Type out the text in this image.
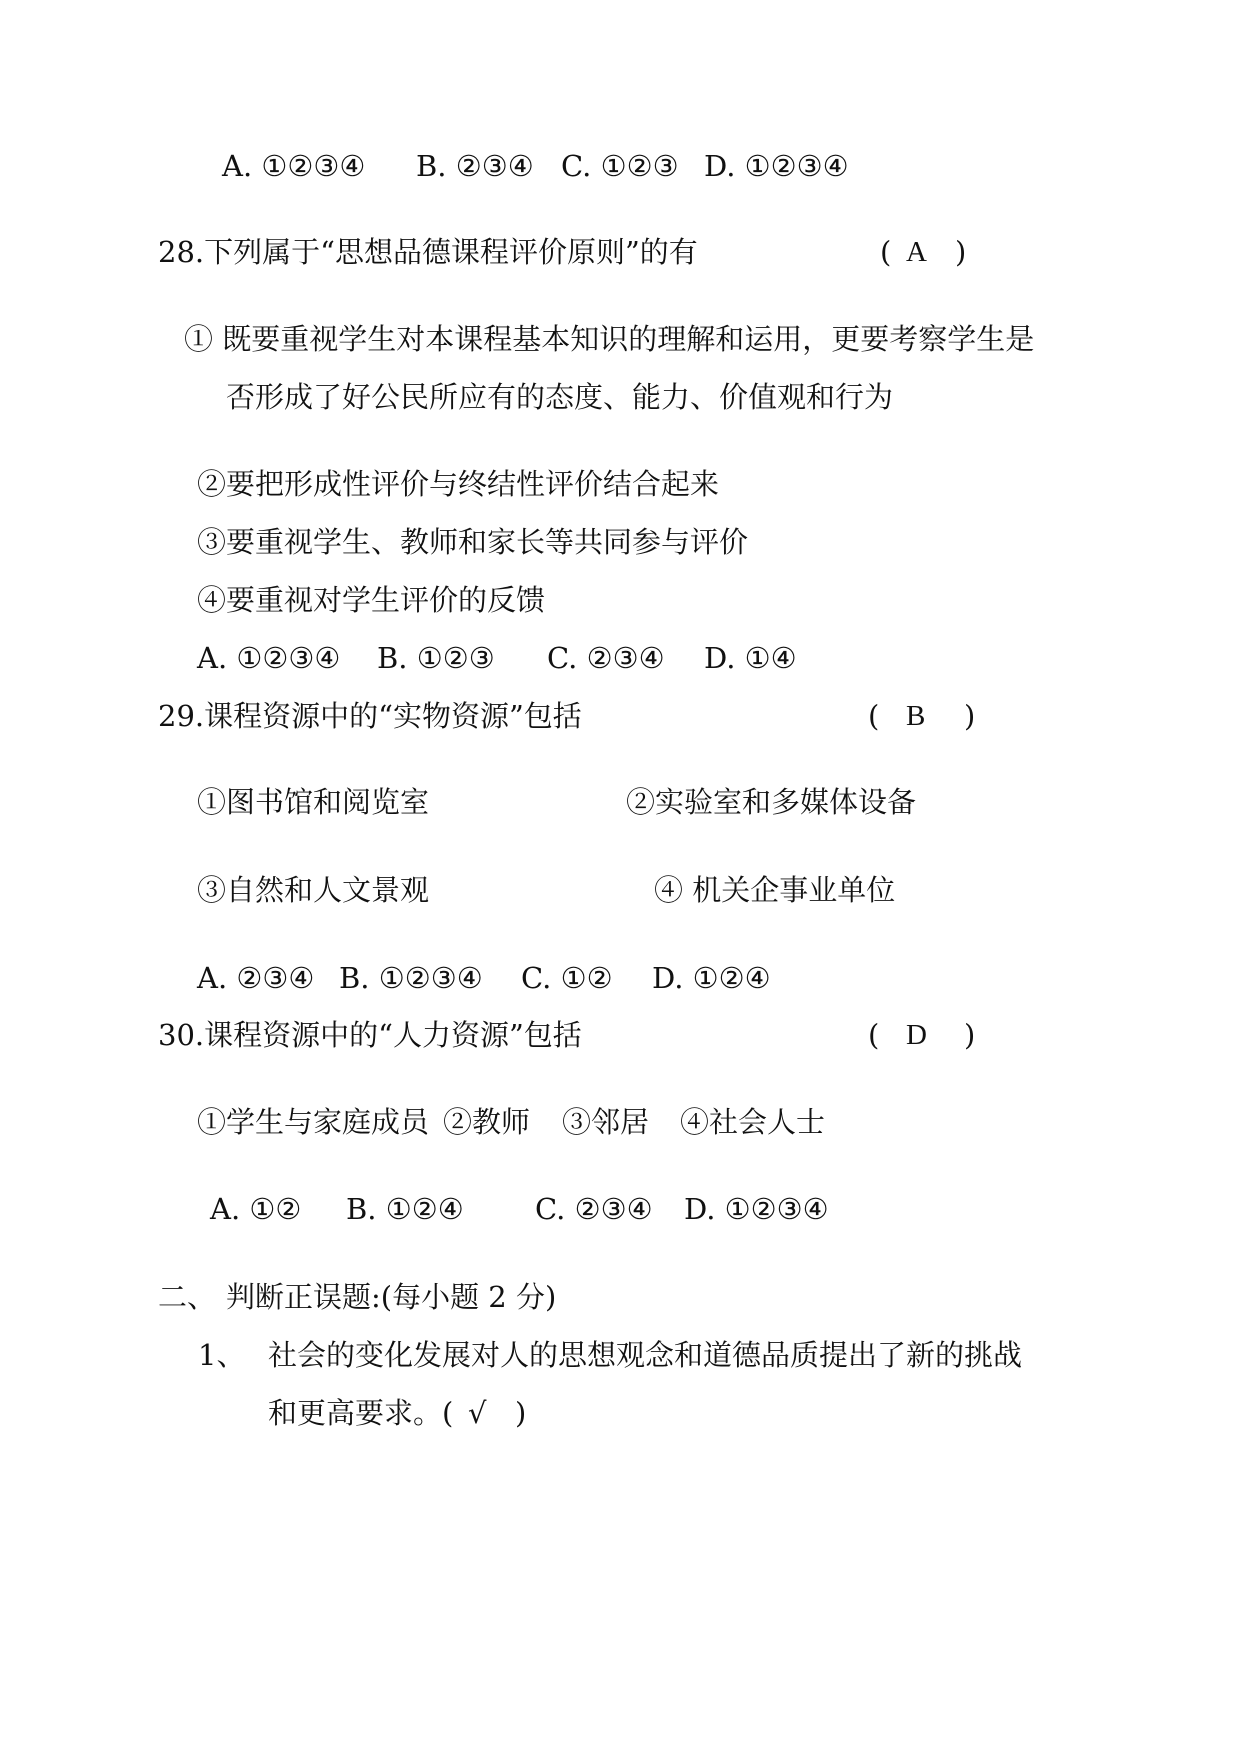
A. ①②③④ B. ②③④ C. ①②③ D. ①②③④
28.下列属于“思想品德课程评价原则”的有	( A )
① 既要重视学生对本课程基本知识的理解和运用，更要考察学生是
否形成了好公民所应有的态度、能力、价值观和行为
②要把形成性评价与终结性评价结合起来
③要重视学生、教师和家长等共同参与评价
④要重视对学生评价的反馈
A. ①②③④ B. ①②③ C. ②③④ D. ①④
29.课程资源中的“实物资源”包括	( B )
①图书馆和阅览室	②实验室和多媒体设备
③自然和人文景观	④ 机关企事业单位
A. ②③④ B. ①②③④ C. ①② D. ①②④
30.课程资源中的“人力资源”包括	( D )
①学生与家庭成员 ②教师 ③邻居 ④社会人士
A. ①② B. ①②④ C. ②③④ D. ①②③④
二、 判断正误题:(每小题 2 分)
1、 社会的变化发展对人的思想观念和道德品质提出了新的挑战
和更高要求。( √ )
